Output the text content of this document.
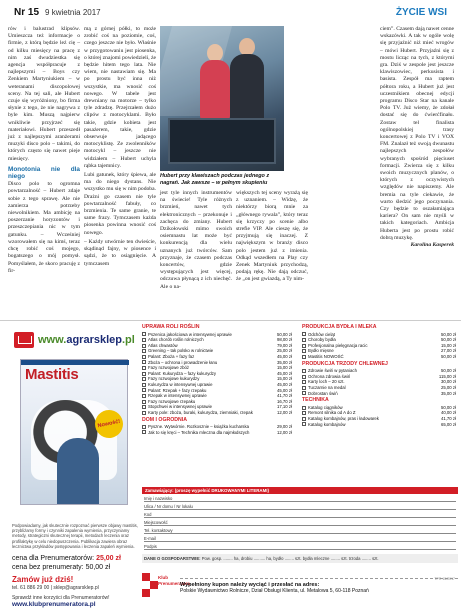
Nr 15 9 kwietnia 2017	ŻYCIE WSI

rów i balustrad klipsów. Umieszcza też informacje o firmie, z którą będzie leż cię – od kilku miesięcy na pracę z nim zaś dwudziestka się agencja współpracuje z najlepszymi – Boys czy Zenkiem Martyniukiem – w weteranami discopolowej sceny. Na tej sali, ale Hubert czuje się wyróżniony, bo firma słynie z tego, że nie nagrywa z byle kim. Muszą najpierw wnikliwie przyjrzeć się materiałowi. Hubert przeszedł już z najlepszymi aranżerami muzyki disco polo – takimi, do których często się nawet pieje miesięcy.

Monotonia nie dla niego

Disco polo to ogromna powtarzalność – Hubert zdaje sobie z tego sprawę. Ale nie zamierza potrzeby niewolnikiem. Ma ambicję na poszerzanie horyzontów i przeszczepiania nic w tym gatunku. – Wcześniej wzorowałem się na kimś, teraz chcę robić coś mojego, bogatszego o mój pomysł. Pomyślałem, że skoro pracuję z fir-

mą z górnej półki, to może zrobić coś na poziomie, coś, czego jeszcze nie było. Właśnie w przygotowaniu jest piosenka, o której znajomi powiedzieli, że będzie hitem tego lata. Nie wiem, nie nastawiam się. Ma po prostu być inna niż wszystkie, ma wnosić coś nowego. W tabele jest drewniany na motorze – tylko tyle zdradzę. Przejrzałem dużo clipów z motocyklami. Było takie, gdzie kobieta jest pasażerem, takie, gdzie obserwuje jadącego motocyklistę. Ze zwolenników motocykl – jeszcze nie widziałem – Hubert uchyla rąbka tajemnicy.

Lubi gatunek, który śpiewa, ale ma do niego dystans. Nie wszystko mu się w nim podoba. Drażni go czasem nie tyle powtarzalność fabuły, co brzmienia. Te same granie, te same frazy. Tymczasem każda piosenka powinna wnosić coś nowego.

– Każdy utwórnie ten dwieście, skądinąd fajny, w piosence i sądzi, że to osiągnięcie. A tymczasem

Hubert przy klawiszach podczas jednego z nagrań. Jak zawsze – w pełnym skupieniu

jest tyle innych instrumentów na świecie! Tyle różnych brzmień, nawet tych elektronicznych – przekonuje i zachęca do zmiany. Hubert Dzikołowski mimo swoich osiemnastu lat może być konkurencją dla wielu uznanych już twórców. Sam przyznaje, że czasem podczas koncertów, gdzie występujących jest więcej, odczuwa płynącą z ich niechęć. Ale o na-

większych tej sceny wyrażą się z uznaniem. – Widzę, że niektórzy biorą mnie za „głównego rywala”, który teraz się krzyczy po scenie albo strefie VIP. Ale cieszę się, że przyjmują się inaczej. Z największym w branży disco polo jestem już z imienia. Odkąd wszedłem na Play czy Zenek Martyniuk przychodzą, podają rękę. Nie dają odczuć, że „on jest gwiazdą, a Ty nim-

ciem”. Czasem dają nawet cenne wskazówki. A tak w ogóle wolę się przyjaźnić niż mieć wrogów – mówi Hubert. Przyjaźni się z mostu licząc na tych, z którymi gra. Dziś w zespole jest jeszcze klawiszowiec, perkusista i basista. Zespół ma raptem półtora roku, a Hubert już jest uczestnikiem obecnej edycji programu Disco Star na kanale Polo TV. Już wiemy, że zdołał dostać się do ćwierćfinału. Zostaw tel finalista ogólnopolskiej trasy koncertowej z Polo TV i VOX FM. Znalazł też swoją dwunastu najlepszych zespołów wybranych spośród pięciuset formacji. Zwierza się z kilku swoich muzycznych planów, o których z oczywistych względów nie napiszemy. Ale bremia na tyle ciekawie, że warto śledzić jego poczynania. Czy będzie to oszałamiająca kariera? On sam nie myśli w takich kategoriach. Ambicja Huberta jest po prostu robić dobrą muzykę.

Karolina Kasperek

www.agrarsklep.pl
Mastitis
Nowość!
Podpowiadamy, jak skutecznie rozpoznać pierwsze objawy mastitis, przybliżamy formy i czynniki zapalenia wymienia, przyczyniamy metody, strategiczni skutecznej terapii, metodach leczenia oraz profilaktykę w celu niedopuszczenia. Publikacja zawiera obraz lecznictwa przykładów postępowania i leczenia zapaleń wymienia.
cena dla Prenumeratorów: 25,00 zł
cena bez prenumeraty: 50,00 zł
Zamów już dziś!
tel. 61 886 29 00 | sklep@agrarsklep.pl
Sprawdź inne korzyści dla Prenumeratorów!
www.klubprenumeratora.pl
UPRAWA ROLI ROŚLIN
Pszenica jakościowa w intensywnej uprawie	50,00 zł
Atlas chorób roślin rolniczych	98,00 zł
Atlas chwastów	79,00 zł
Greening – tak polsko w rolnictwie	25,00 zł
Palant: Zboża + fazy faz	45,00 zł
Zboża – ochrona i prowadzenie łanu	35,00 zł
Fazy rozwojowe zbóż	15,00 zł
Palant: Kukurydza – fazy kukurydzy	45,00 zł
Fazy rozwojowe kukurydzy	15,00 zł
Kukurydza w intensywnej uprawie	45,00 zł
Palant: Rzepak + fazy rzepaku	45,00 zł
Rzepak w intensywnej uprawie	41,70 zł
Fazy rozwojowe rzepaku	16,70 zł
Stopchwei w intensywnej uprawie	17,10 zł
Karty pole: zboża, buraki, kukurydza, ziemniaki, rzepak	12,00 zł
DOM I OGRODNIA
Pyszne. Wytwórnie. Rozkosznie – książka kucharska	29,00 zł
Jak to się kręci – Technika mleczna dla najmłodszych	12,00 zł
PRODUKCJA BYDŁA I MLEKA
Odchów cieląt	50,00 zł
Choroby bydła	50,00 zł
Profesjonalna pielęgnacja racic	15,00 zł
Bydło mięsne	27,00 zł
Mastitis NOWOŚĆ	50,00 zł
PRODUKCJA TRZODY CHLEWNEJ
Zdrowie świń w pytaniach	50,00 zł
Ochrona zdrowia świń	115,00 zł
Karty loch – 20 szt.	30,00 zł
Tuczarnie na medal	25,00 zł
Dobrostan świń	35,00 zł
TECHNIKA
Katalog ciągników	50,00 zł
Remont silnika od A do Z	40,00 zł
Katalog kombajnów, pras i ładowarek	41,70 zł
Katalog kombajnów	65,00 zł
Zamawiający: (proszę wypełnić DRUKOWANYMI LITERAMI)
Imię i nazwisko
Ulica / Nr domu / Nr lokalu
Kod
Miejscowość
Tel. kontaktowy
E-mail
Podpis
DANE O GOSPODARSTWIE: Pow. gosp. ........ ha, drobiu .......... ha, bydło ........ szt. bydła mleczne ........ szt. trzoda ........ szt.
Klub
Prenumeratora
Wypełniony kupon należy wyciąć i przesłać na adres:
Polskie Wydawnictwo Rolnicze, Dział Obsługi Klienta, ul. Metalowa 5, 60-118 Poznań
TPR 15/2017
